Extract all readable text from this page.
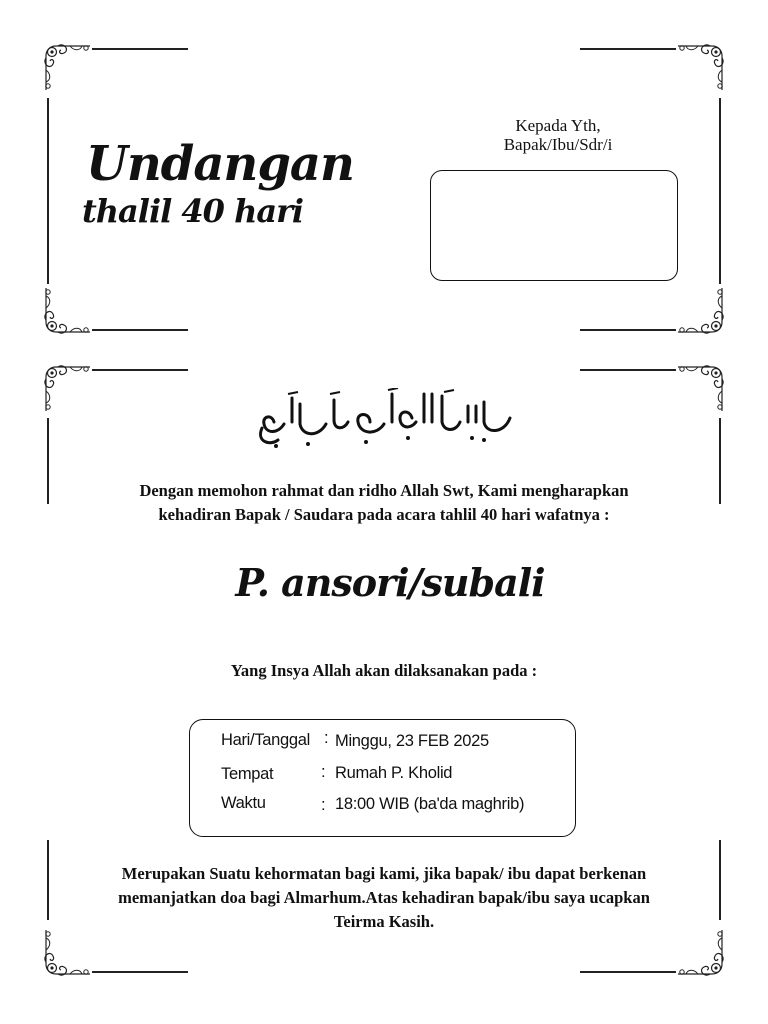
Undangan
thalil 40 hari
Kepada Yth,
Bapak/Ibu/Sdr/i
Dengan memohon rahmat dan ridho Allah Swt, Kami mengharapkan
kehadiran Bapak / Saudara pada acara tahlil 40 hari wafatnya :
P. ansori/subali
Yang Insya Allah akan dilaksanakan pada :
Hari/Tanggal : Minggu, 23 FEB 2025
Tempat	: Rumah P. Kholid
Waktu	: 18:00 WIB (ba'da maghrib)
Merupakan Suatu kehormatan bagi kami, jika bapak/ ibu dapat berkenan
memanjatkan doa bagi Almarhum.Atas kehadiran bapak/ibu saya ucapkan
Teirma Kasih.
